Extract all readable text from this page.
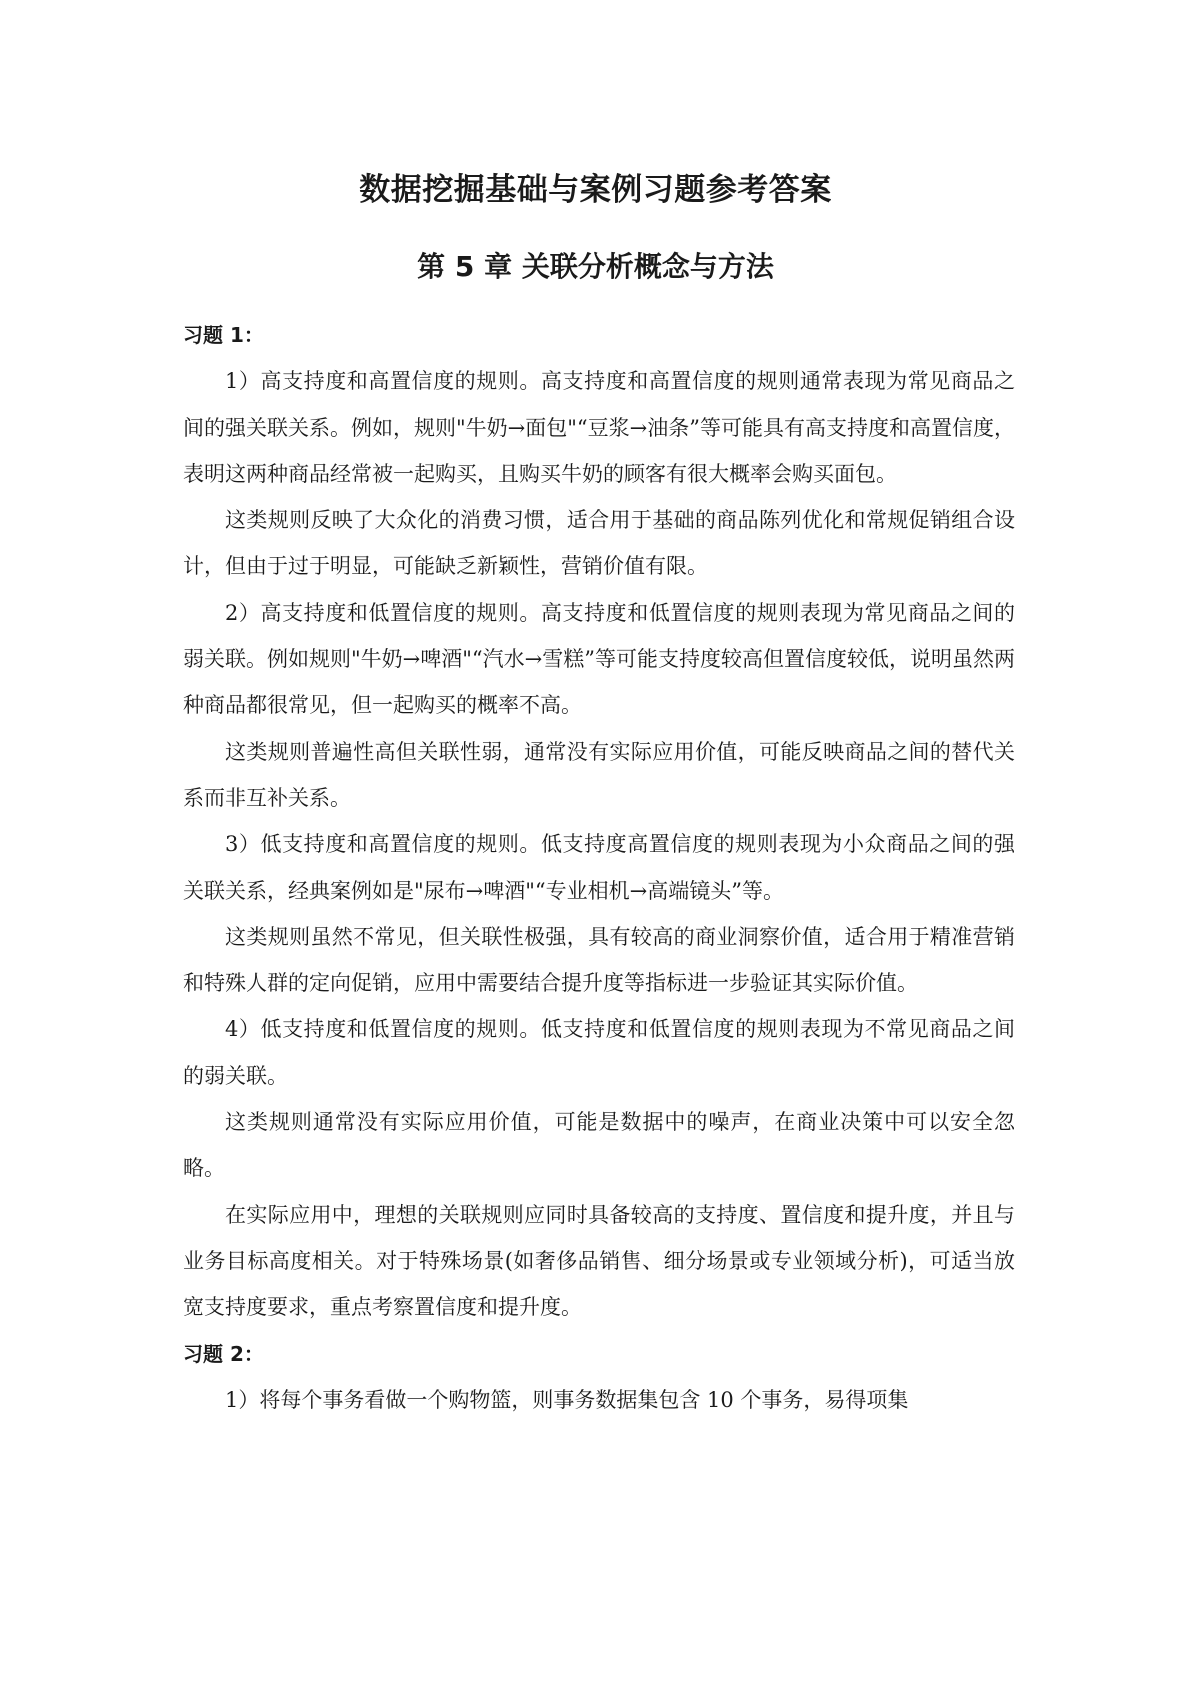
数据挖掘基础与案例习题参考答案
第 5 章 关联分析概念与方法

习题 1：

1）高支持度和高置信度的规则。高支持度和高置信度的规则通常表现为常见商品之间的强关联关系。例如，规则"牛奶→面包"“豆浆→油条”等可能具有高支持度和高置信度，表明这两种商品经常被一起购买，且购买牛奶的顾客有很大概率会购买面包。

这类规则反映了大众化的消费习惯，适合用于基础的商品陈列优化和常规促销组合设计，但由于过于明显，可能缺乏新颖性，营销价值有限。

2）高支持度和低置信度的规则。高支持度和低置信度的规则表现为常见商品之间的弱关联。例如规则"牛奶→啤酒"“汽水→雪糕”等可能支持度较高但置信度较低，说明虽然两种商品都很常见，但一起购买的概率不高。

这类规则普遍性高但关联性弱，通常没有实际应用价值，可能反映商品之间的替代关系而非互补关系。

3）低支持度和高置信度的规则。低支持度高置信度的规则表现为小众商品之间的强关联关系，经典案例如是"尿布→啤酒"“专业相机→高端镜头”等。

这类规则虽然不常见，但关联性极强，具有较高的商业洞察价值，适合用于精准营销和特殊人群的定向促销，应用中需要结合提升度等指标进一步验证其实际价值。

4）低支持度和低置信度的规则。低支持度和低置信度的规则表现为不常见商品之间的弱关联。

这类规则通常没有实际应用价值，可能是数据中的噪声，在商业决策中可以安全忽略。

在实际应用中，理想的关联规则应同时具备较高的支持度、置信度和提升度，并且与业务目标高度相关。对于特殊场景(如奢侈品销售、细分场景或专业领域分析)，可适当放宽支持度要求，重点考察置信度和提升度。

习题 2：

1）将每个事务看做一个购物篮，则事务数据集包含 10 个事务，易得项集
